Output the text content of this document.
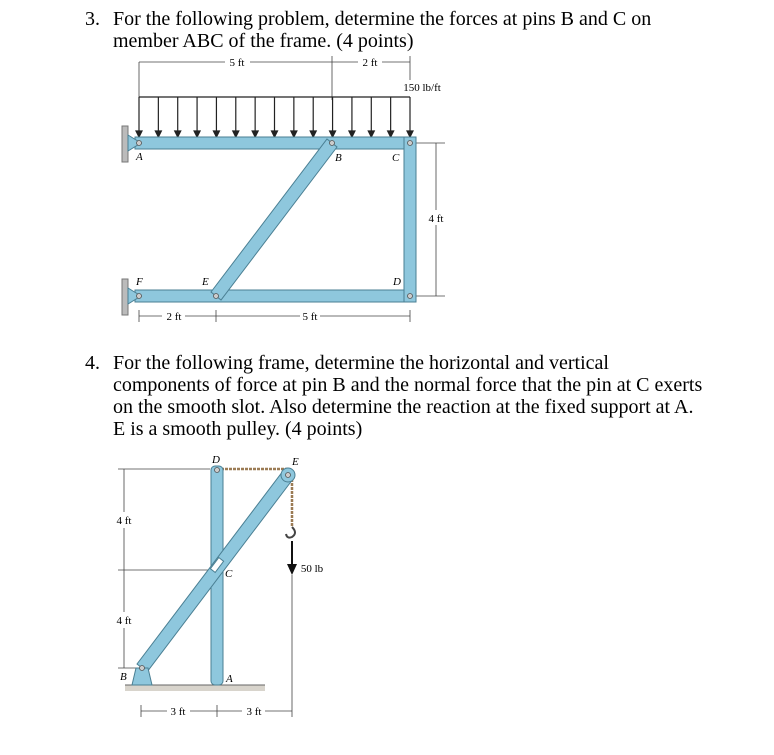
3. For the following problem, determine the forces at pins B and C on
member ABC of the frame. (4 points)
5 ft	2 ft
150 lb/ft
4 ft
2 ft	5 ft
A	B	C
D
E
F
4 ft
4 ft
3 ft	3 ft
50 lb
A
B
C
D	E
4. For the following frame, determine the horizontal and vertical
components of force at pin B and the normal force that the pin at C exerts
on the smooth slot. Also determine the reaction at the fixed support at A.
E is a smooth pulley. (4 points)
